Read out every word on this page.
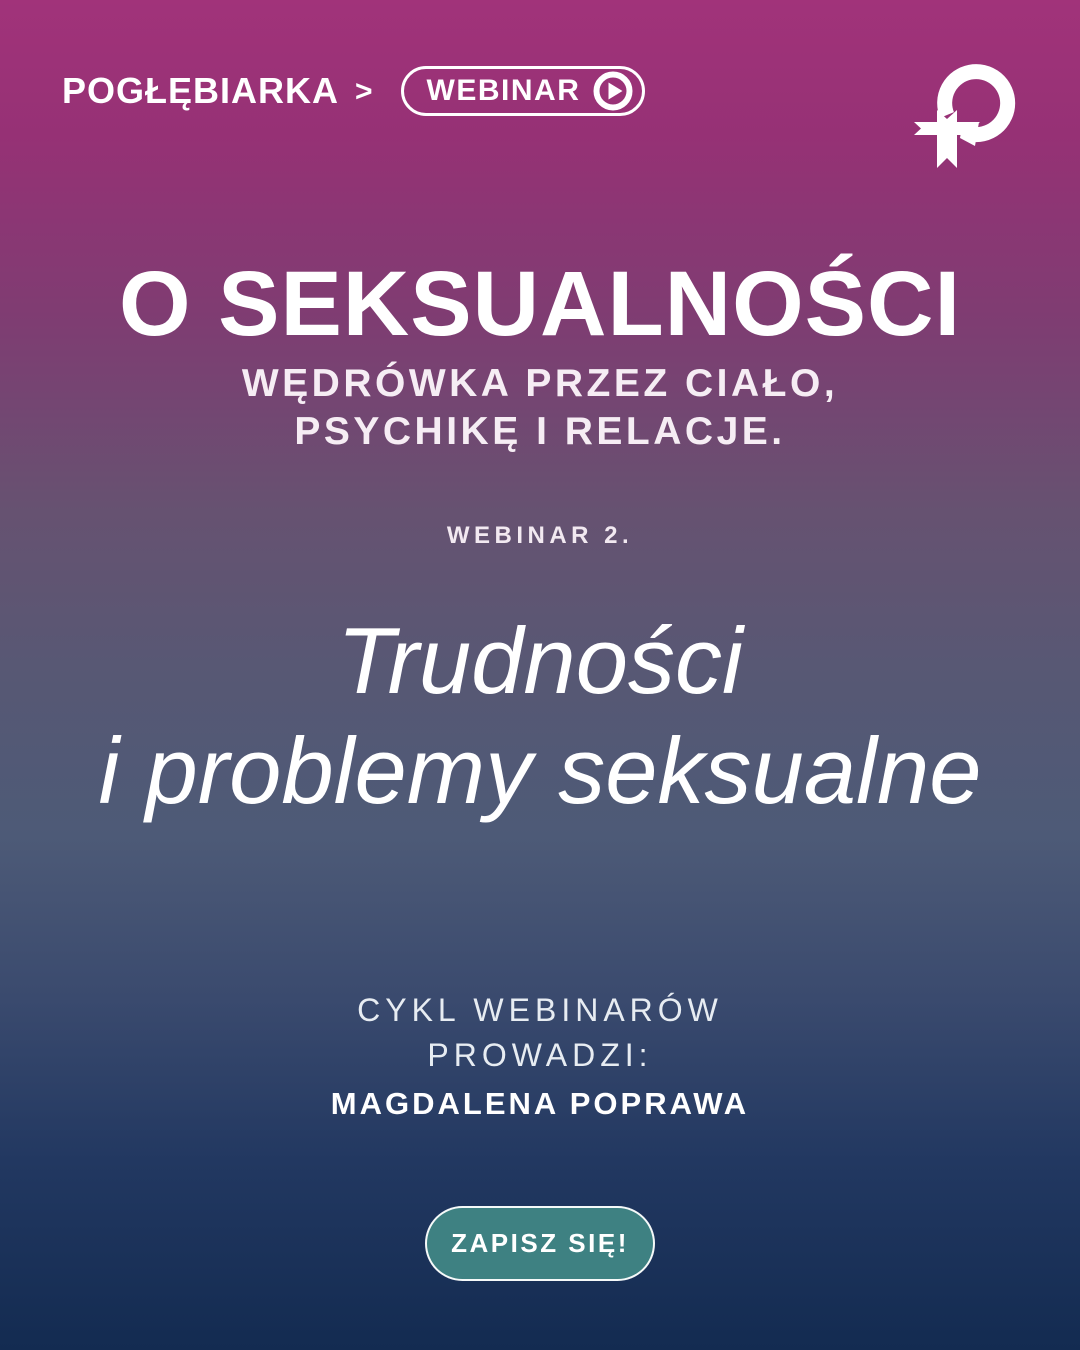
POGŁĘBIARKA > WEBINAR
O SEKSUALNOŚCI
WĘDRÓWKA PRZEZ CIAŁO,
PSYCHIKĘ I RELACJE.
WEBINAR 2.
Trudności
i problemy seksualne
CYKL WEBINARÓW
PROWADZI:
MAGDALENA POPRAWA
ZAPISZ SIĘ!
